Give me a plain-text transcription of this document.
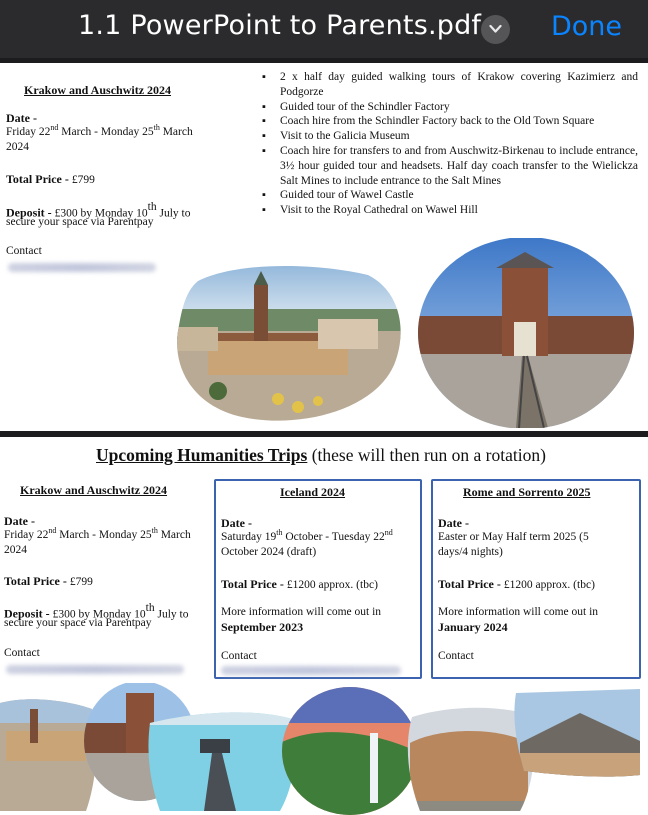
1.1 PowerPoint to Parents.pdf	Done
Krakow and Auschwitz 2024
Date -
Friday 22nd March - Monday 25th March
2024
Total Price - £799
Deposit - £300 by Monday 10th July to
secure your space via Parentpay
Contact
▪ 2 x half day guided walking tours of Krakow covering Kazimierz and Podgorze
▪ Guided tour of the Schindler Factory
▪ Coach hire from the Schindler Factory back to the Old Town Square
▪ Visit to the Galicia Museum
▪ Coach hire for transfers to and from Auschwitz-Birkenau to include entrance, 3½ hour guided tour and headsets. Half day coach transfer to the Wielickza Salt Mines to include entrance to the Salt Mines
▪ Guided tour of Wawel Castle
▪ Visit to the Royal Cathedral on Wawel Hill
Upcoming Humanities Trips (these will then run on a rotation)
Krakow and Auschwitz 2024
Date -
Friday 22nd March - Monday 25th March
2024
Total Price - £799
Deposit - £300 by Monday 10th July to
secure your space via Parentpay
Contact
Iceland 2024
Date -
Saturday 19th October - Tuesday 22nd
October 2024 (draft)
Total Price - £1200 approx. (tbc)
More information will come out in
September 2023
Contact
Rome and Sorrento 2025
Date -
Easter or May Half term 2025 (5
days/4 nights)
Total Price - £1200 approx. (tbc)
More information will come out in
January 2024
Contact
